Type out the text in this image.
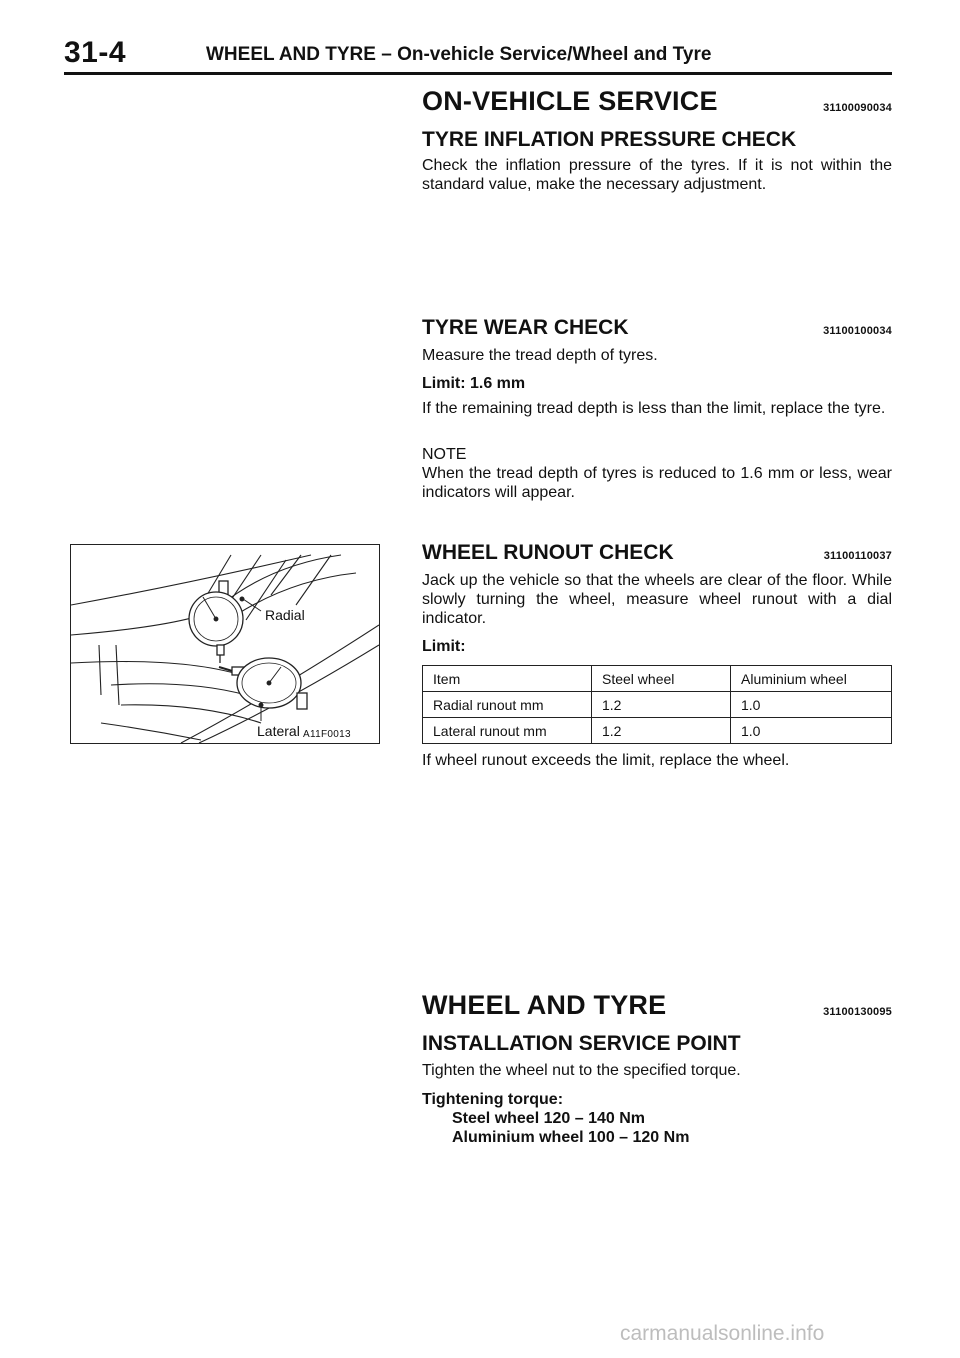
31-4	WHEEL AND TYRE – On-vehicle Service/Wheel and Tyre
ON-VEHICLE SERVICE	31100090034
TYRE INFLATION PRESSURE CHECK
Check the inflation pressure of the tyres. If it is not within the standard value, make the necessary adjustment.
TYRE WEAR CHECK	31100100034
Measure the tread depth of tyres.
Limit: 1.6 mm
If the remaining tread depth is less than the limit, replace the tyre.
NOTE
When the tread depth of tyres is reduced to 1.6 mm or less, wear indicators will appear.
WHEEL RUNOUT CHECK	31100110037
Jack up the vehicle so that the wheels are clear of the floor. While slowly turning the wheel, measure wheel runout with a dial indicator.
Limit:
Item	Steel wheel	Aluminium wheel
Radial runout mm	1.2	1.0
Lateral runout mm	1.2	1.0
If wheel runout exceeds the limit, replace the wheel.
Radial
Lateral A11F0013
WHEEL AND TYRE	31100130095
INSTALLATION SERVICE POINT
Tighten the wheel nut to the specified torque.
Tightening torque:
Steel wheel 120 – 140 Nm
Aluminium wheel 100 – 120 Nm
carmanualsonline.info
